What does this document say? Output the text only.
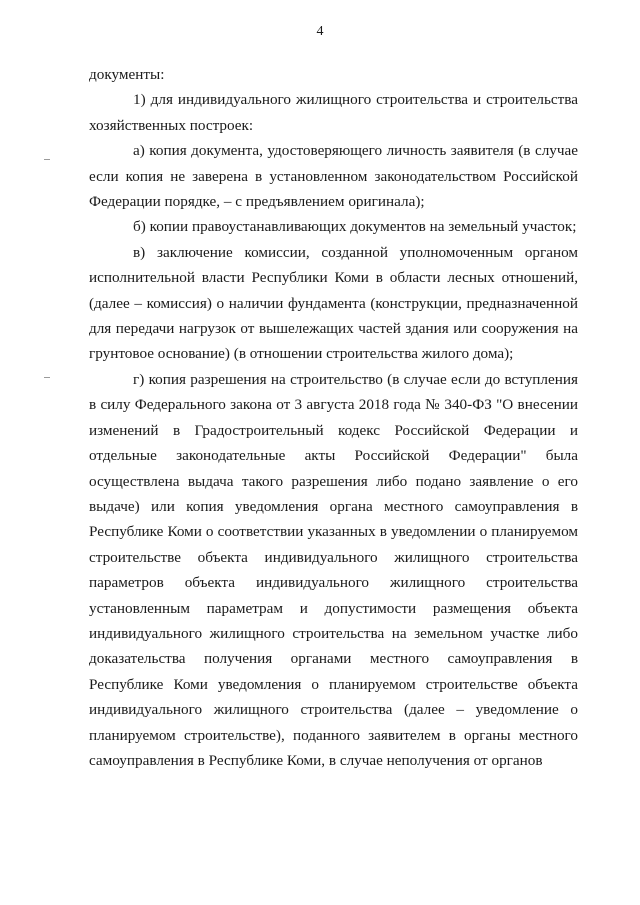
4

документы:

1) для индивидуального жилищного строительства и строительства хозяйственных построек:

а) копия документа, удостоверяющего личность заявителя (в случае если копия не заверена в установленном законодательством Российской Федерации порядке, – с предъявлением оригинала);

б) копии правоустанавливающих документов на земельный участок;

в) заключение комиссии, созданной уполномоченным органом исполнительной власти Республики Коми в области лесных отношений, (далее – комиссия) о наличии фундамента (конструкции, предназначенной для передачи нагрузок от вышележащих частей здания или сооружения на грунтовое основание) (в отношении строительства жилого дома);

г) копия разрешения на строительство (в случае если до вступления в силу Федерального закона от 3 августа 2018 года № 340-ФЗ "О внесении изменений в Градостроительный кодекс Российской Федерации и отдельные законодательные акты Российской Федерации" была осуществлена выдача такого разрешения либо подано заявление о его выдаче) или копия уведомления органа местного самоуправления в Республике Коми о соответствии указанных в уведомлении о планируемом строительстве объекта индивидуального жилищного строительства параметров объекта индивидуального жилищного строительства установленным параметрам и допустимости размещения объекта индивидуального жилищного строительства на земельном участке либо доказательства получения органами местного самоуправления в Республике Коми уведомления о планируемом строительстве объекта индивидуального жилищного строительства (далее – уведомление о планируемом строительстве), поданного заявителем в органы местного самоуправления в Республике Коми, в случае неполучения от органов
